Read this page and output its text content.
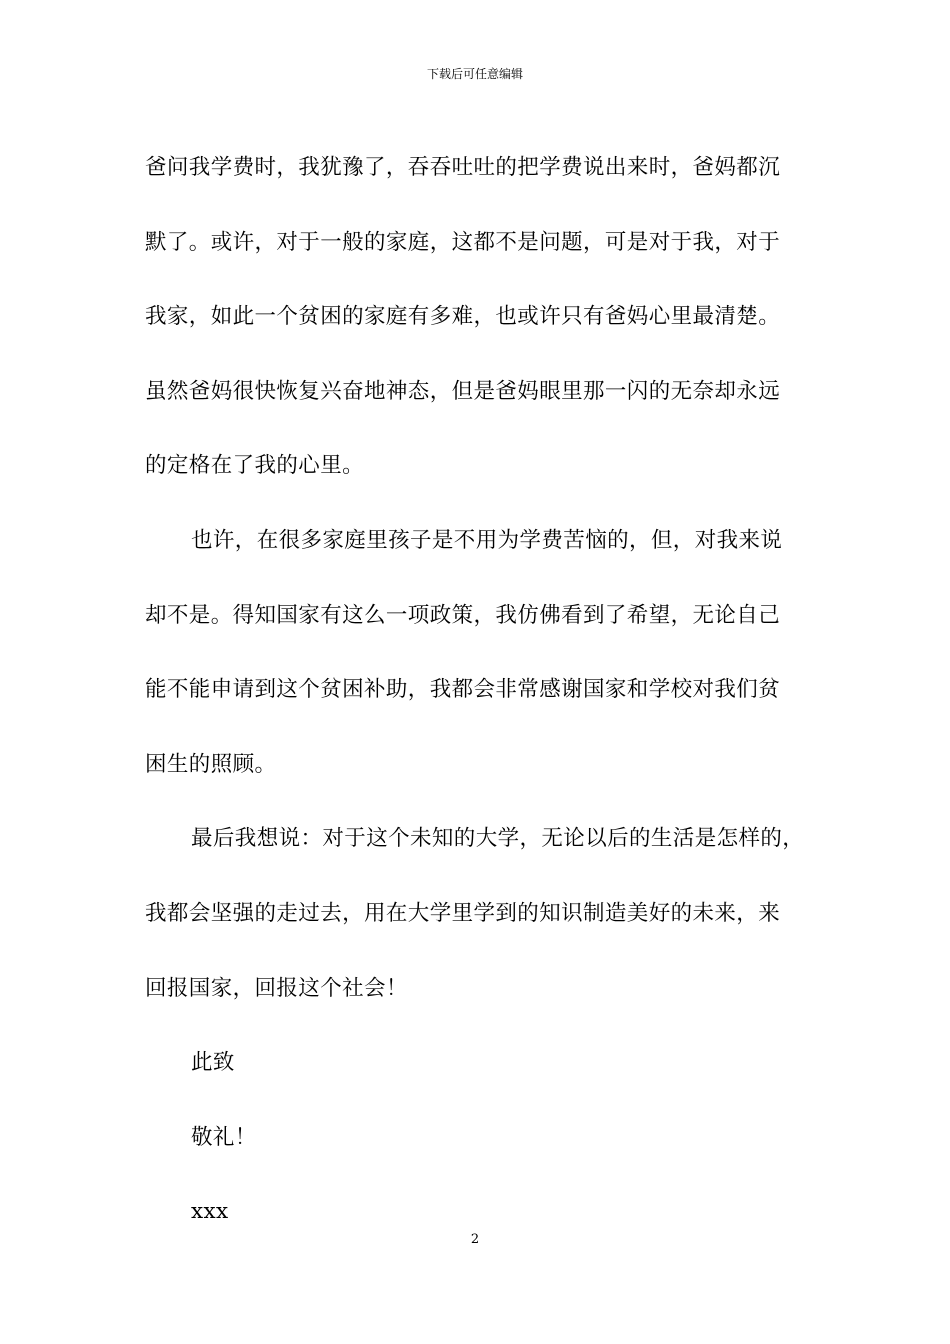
下载后可任意编辑

爸问我学费时，我犹豫了，吞吞吐吐的把学费说出来时，爸妈都沉

默了。或许，对于一般的家庭，这都不是问题，可是对于我，对于

我家，如此一个贫困的家庭有多难，也或许只有爸妈心里最清楚。

虽然爸妈很快恢复兴奋地神态，但是爸妈眼里那一闪的无奈却永远

的定格在了我的心里。

也许，在很多家庭里孩子是不用为学费苦恼的，但，对我来说

却不是。得知国家有这么一项政策，我仿佛看到了希望，无论自己

能不能申请到这个贫困补助，我都会非常感谢国家和学校对我们贫

困生的照顾。

最后我想说：对于这个未知的大学，无论以后的生活是怎样的，

我都会坚强的走过去，用在大学里学到的知识制造美好的未来，来

回报国家，回报这个社会！

此致

敬礼！

xxx

2
